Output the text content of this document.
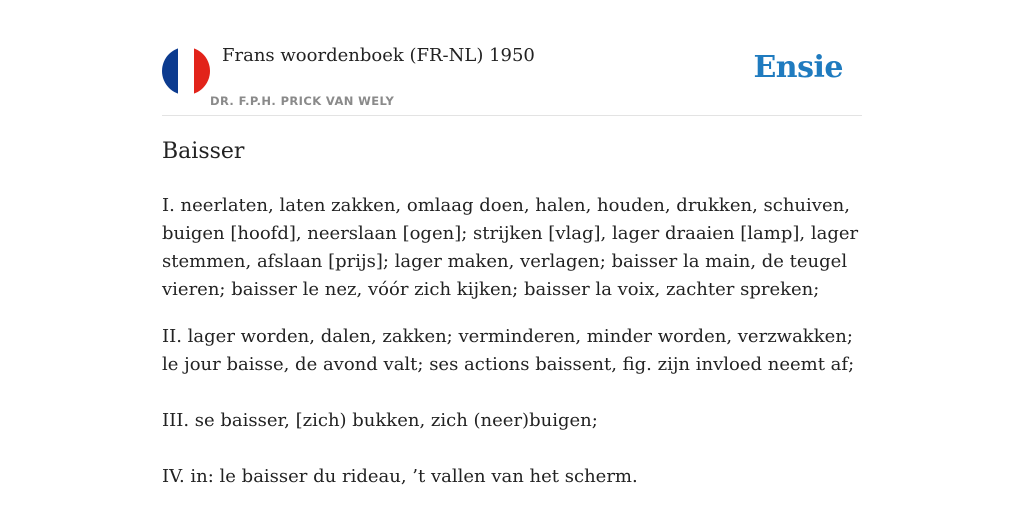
Frans woordenboek (FR-NL) 1950
DR. F.P.H. PRICK VAN WELY
Ensie
Baisser

I. neerlaten, laten zakken, omlaag doen, halen, houden, drukken, schuiven, buigen [hoofd], neerslaan [ogen]; strijken [vlag], lager draaien [lamp], lager stemmen, afslaan [prijs]; lager maken, verlagen; baisser la main, de teugel vieren; baisser le nez, vóór zich kijken; baisser la voix, zachter spreken;

II. lager worden, dalen, zakken; verminderen, minder worden, verzwakken; le jour baisse, de avond valt; ses actions baissent, fig. zijn invloed neemt af;

III. se baisser, [zich) bukken, zich (neer)buigen;

IV. in: le baisser du rideau, ’t vallen van het scherm.
